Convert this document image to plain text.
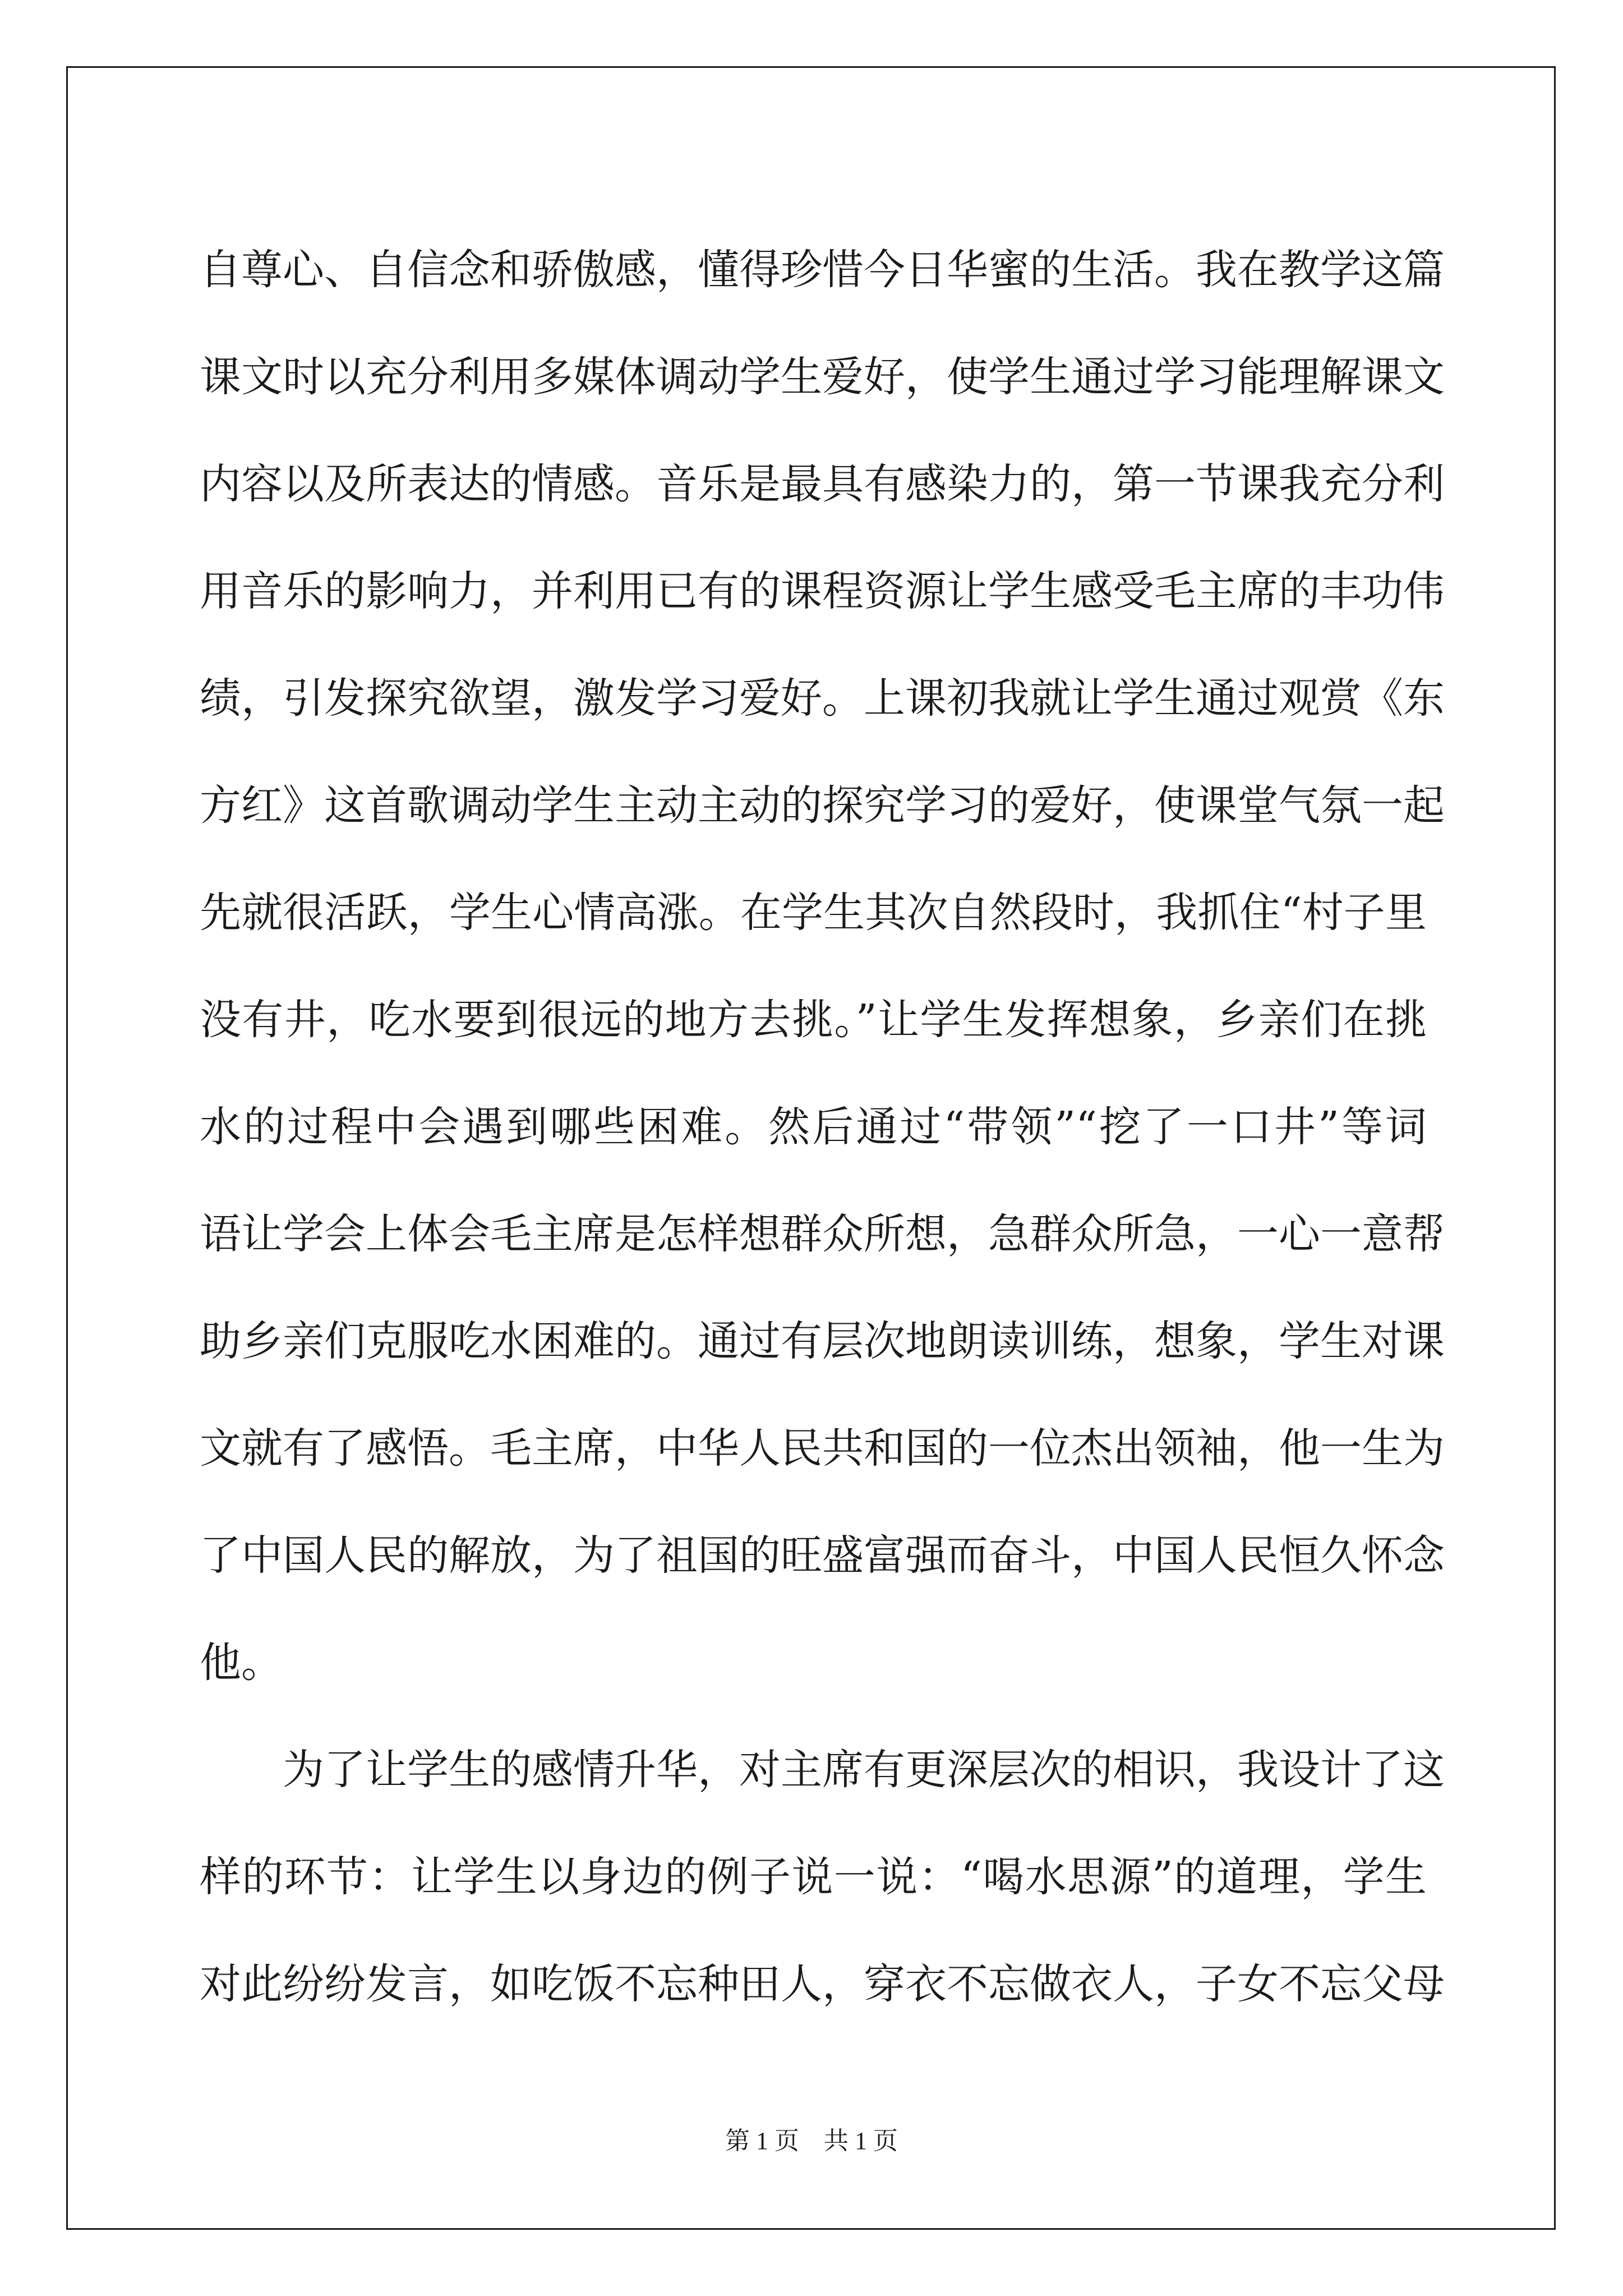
自尊心、自信念和骄傲感，懂得珍惜今日华蜜的生活。我在教学这篇
课文时以充分利用多媒体调动学生爱好，使学生通过学习能理解课文
内容以及所表达的情感。音乐是最具有感染力的，第一节课我充分利
用音乐的影响力，并利用已有的课程资源让学生感受毛主席的丰功伟
绩，引发探究欲望，激发学习爱好。上课初我就让学生通过观赏《东
方红》这首歌调动学生主动主动的探究学习的爱好，使课堂气氛一起
先就很活跃，学生心情高涨。在学生其次自然段时，我抓住“村子里
没有井，吃水要到很远的地方去挑。”让学生发挥想象，乡亲们在挑
水的过程中会遇到哪些困难。然后通过“带领”“挖了一口井”等词
语让学会上体会毛主席是怎样想群众所想，急群众所急，一心一意帮
助乡亲们克服吃水困难的。通过有层次地朗读训练，想象，学生对课
文就有了感悟。毛主席，中华人民共和国的一位杰出领袖，他一生为
了中国人民的解放，为了祖国的旺盛富强而奋斗，中国人民恒久怀念
他。
　　为了让学生的感情升华，对主席有更深层次的相识，我设计了这
样的环节：让学生以身边的例子说一说：“喝水思源”的道理，学生
对此纷纷发言，如吃饭不忘种田人，穿衣不忘做衣人，子女不忘父母
第 1 页　共 1 页
